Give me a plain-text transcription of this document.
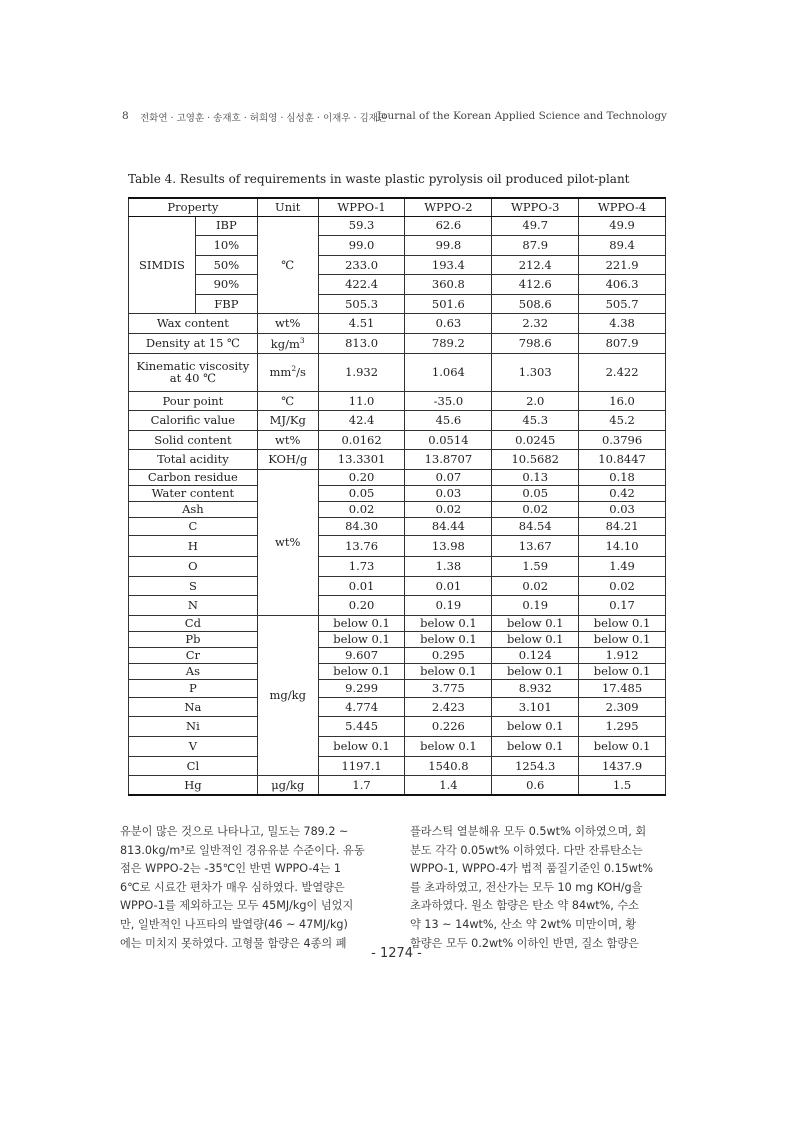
8 전화연 · 고영훈 · 송재호 · 허희영 · 심성훈 · 이재우 · 김재곤
Journal of the Korean Applied Science and Technology
Table 4. Results of requirements in waste plastic pyrolysis oil produced pilot-plant
Property		Unit	WPPO-1	WPPO-2	WPPO-3	WPPO-4
SIMDIS	IBP	℃	59.3	62.6	49.7	49.9
	10%		99.0	99.8	87.9	89.4
	50%		233.0	193.4	212.4	221.9
	90%		422.4	360.8	412.6	406.3
	FBP		505.3	501.6	508.6	505.7
Wax content		wt%	4.51	0.63	2.32	4.38
Density at 15 ℃		$kg/m^3$	813.0	789.2	798.6	807.9
Kinematic viscosity
at 40 ℃		$mm^2/s$	1.932	1.064	1.303	2.422
Pour point		℃	11.0	-35.0	2.0	16.0
Calorific value		MJ/Kg	42.4	45.6	45.3	45.2
Solid content		wt%	0.0162	0.0514	0.0245	0.3796
Total acidity		KOH/g	13.3301	13.8707	10.5682	10.8447
Carbon residue		wt%	0.20	0.07	0.13	0.18
Water content			0.05	0.03	0.05	0.42
Ash			0.02	0.02	0.02	0.03
C			84.30	84.44	84.54	84.21
H			13.76	13.98	13.67	14.10
O			1.73	1.38	1.59	1.49
S			0.01	0.01	0.02	0.02
N			0.20	0.19	0.19	0.17
Cd		mg/kg	below 0.1	below 0.1	below 0.1	below 0.1
Pb			below 0.1	below 0.1	below 0.1	below 0.1
Cr			9.607	0.295	0.124	1.912
As			below 0.1	below 0.1	below 0.1	below 0.1
P			9.299	3.775	8.932	17.485
Na			4.774	2.423	3.101	2.309
Ni			5.445	0.226	below 0.1	1.295
V			below 0.1	below 0.1	below 0.1	below 0.1
Cl			1197.1	1540.8	1254.3	1437.9
Hg		μg/kg	1.7	1.4	0.6	1.5
유분이 많은 것으로 나타나고, 밀도는 789.2 ~
813.0kg/m³로 일반적인 경유유분 수준이다. 유동
점은 WPPO-2는 -35℃인 반면 WPPO-4는 1
6℃로 시료간 편차가 매우 심하였다. 발열량은
WPPO-1를 제외하고는 모두 45MJ/kg이 넘었지
만, 일반적인 나프타의 발열량(46 ~ 47MJ/kg)
에는 미치지 못하였다. 고형물 함량은 4종의 폐
플라스틱 열분해유 모두 0.5wt% 이하였으며, 회
분도 각각 0.05wt% 이하였다. 다만 잔류탄소는
WPPO-1, WPPO-4가 법적 품질기준인 0.15wt%
를 초과하였고, 전산가는 모두 10 mg KOH/g을
초과하였다. 원소 함량은 탄소 약 84wt%, 수소
약 13 ~ 14wt%, 산소 약 2wt% 미만이며, 황
함량은 모두 0.2wt% 이하인 반면, 질소 함량은
- 1274 -
